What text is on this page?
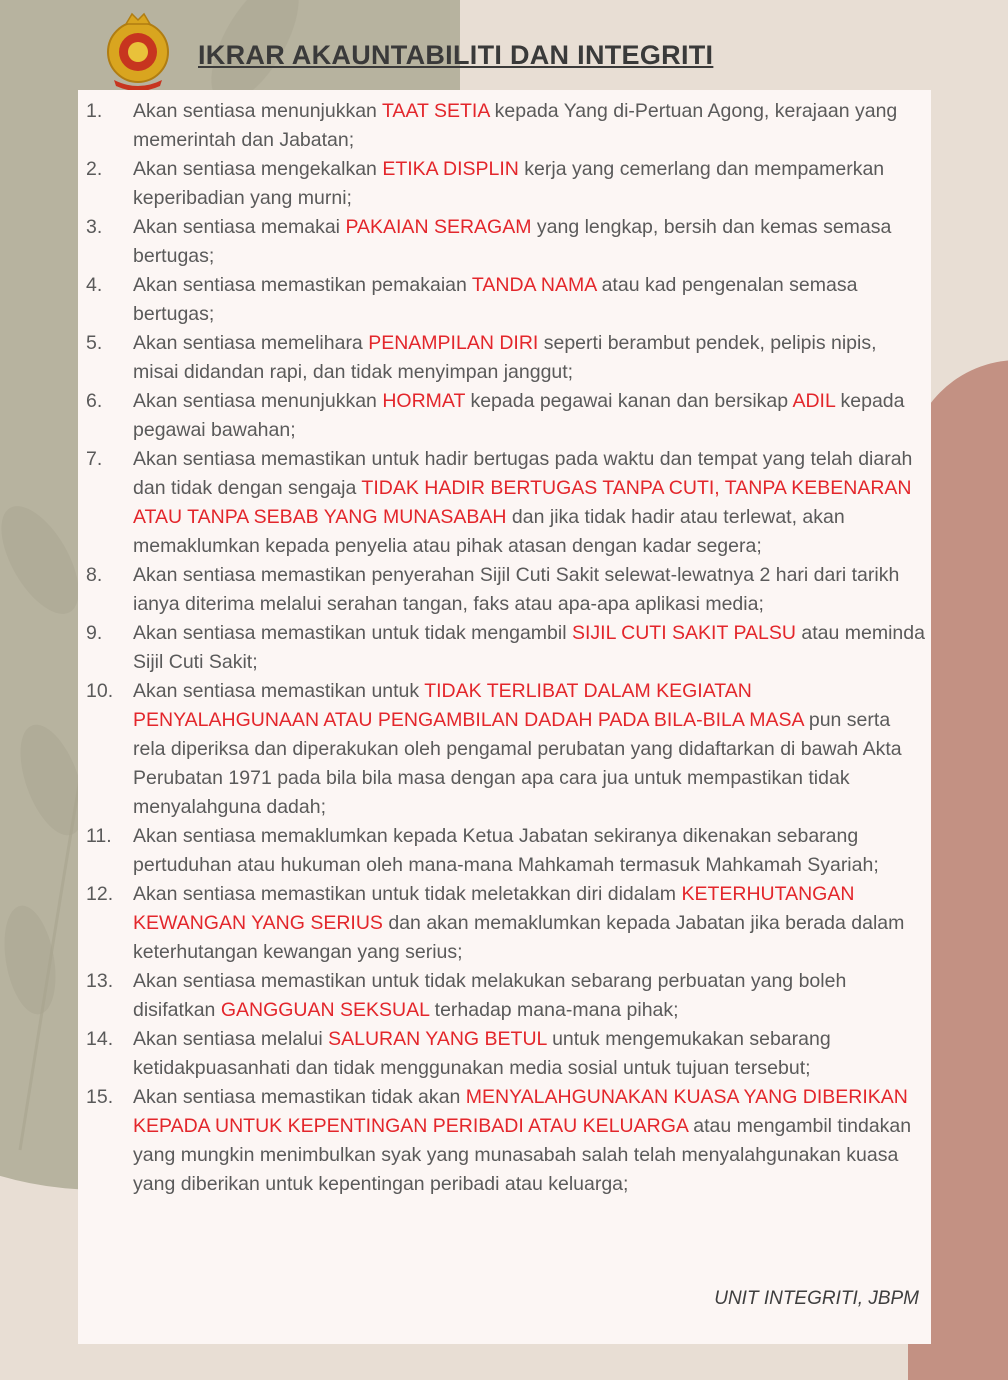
IKRAR AKAUNTABILITI DAN INTEGRITI
1.	Akan sentiasa menunjukkan TAAT SETIA kepada Yang di-Pertuan Agong, kerajaan yang memerintah dan Jabatan;
2.	Akan sentiasa mengekalkan ETIKA DISPLIN kerja yang cemerlang dan mempamerkan keperibadian yang murni;
3.	Akan sentiasa memakai PAKAIAN SERAGAM yang lengkap, bersih dan kemas semasa bertugas;
4.	Akan sentiasa memastikan pemakaian TANDA NAMA atau kad pengenalan semasa bertugas;
5.	Akan sentiasa memelihara PENAMPILAN DIRI seperti berambut pendek, pelipis nipis, misai didandan rapi, dan tidak menyimpan janggut;
6.	Akan sentiasa menunjukkan HORMAT kepada pegawai kanan dan bersikap ADIL kepada pegawai bawahan;
7.	Akan sentiasa memastikan untuk hadir bertugas pada waktu dan tempat yang telah diarah dan tidak dengan sengaja TIDAK HADIR BERTUGAS TANPA CUTI, TANPA KEBENARAN ATAU TANPA SEBAB YANG MUNASABAH dan jika tidak hadir atau terlewat, akan memaklumkan kepada penyelia atau pihak atasan dengan kadar segera;
8.	Akan sentiasa memastikan penyerahan Sijil Cuti Sakit selewat-lewatnya 2 hari dari tarikh ianya diterima melalui serahan tangan, faks atau apa-apa aplikasi media;
9.	Akan sentiasa memastikan untuk tidak mengambil SIJIL CUTI SAKIT PALSU atau meminda Sijil Cuti Sakit;
10.	Akan sentiasa memastikan untuk TIDAK TERLIBAT DALAM KEGIATAN PENYALAHGUNAAN ATAU PENGAMBILAN DADAH PADA BILA-BILA MASA pun serta rela diperiksa dan diperakukan oleh pengamal perubatan yang didaftarkan di bawah Akta Perubatan 1971 pada bila bila masa dengan apa cara jua untuk mempastikan tidak menyalahguna dadah;
11.	Akan sentiasa memaklumkan kepada Ketua Jabatan sekiranya dikenakan sebarang pertuduhan atau hukuman oleh mana-mana Mahkamah termasuk Mahkamah Syariah;
12.	Akan sentiasa memastikan untuk tidak meletakkan diri didalam KETERHUTANGAN KEWANGAN YANG SERIUS dan akan memaklumkan kepada Jabatan jika berada dalam keterhutangan kewangan yang serius;
13.	Akan sentiasa memastikan untuk tidak melakukan sebarang perbuatan yang boleh disifatkan GANGGUAN SEKSUAL terhadap mana-mana pihak;
14.	Akan sentiasa melalui SALURAN YANG BETUL untuk mengemukakan sebarang ketidakpuasanhati dan tidak menggunakan media sosial untuk tujuan tersebut;
15.	Akan sentiasa memastikan tidak akan MENYALAHGUNAKAN KUASA YANG DIBERIKAN KEPADA UNTUK KEPENTINGAN PERIBADI ATAU KELUARGA atau mengambil tindakan yang mungkin menimbulkan syak yang munasabah salah telah menyalahgunakan kuasa yang diberikan untuk kepentingan peribadi atau keluarga;
UNIT INTEGRITI, JBPM
